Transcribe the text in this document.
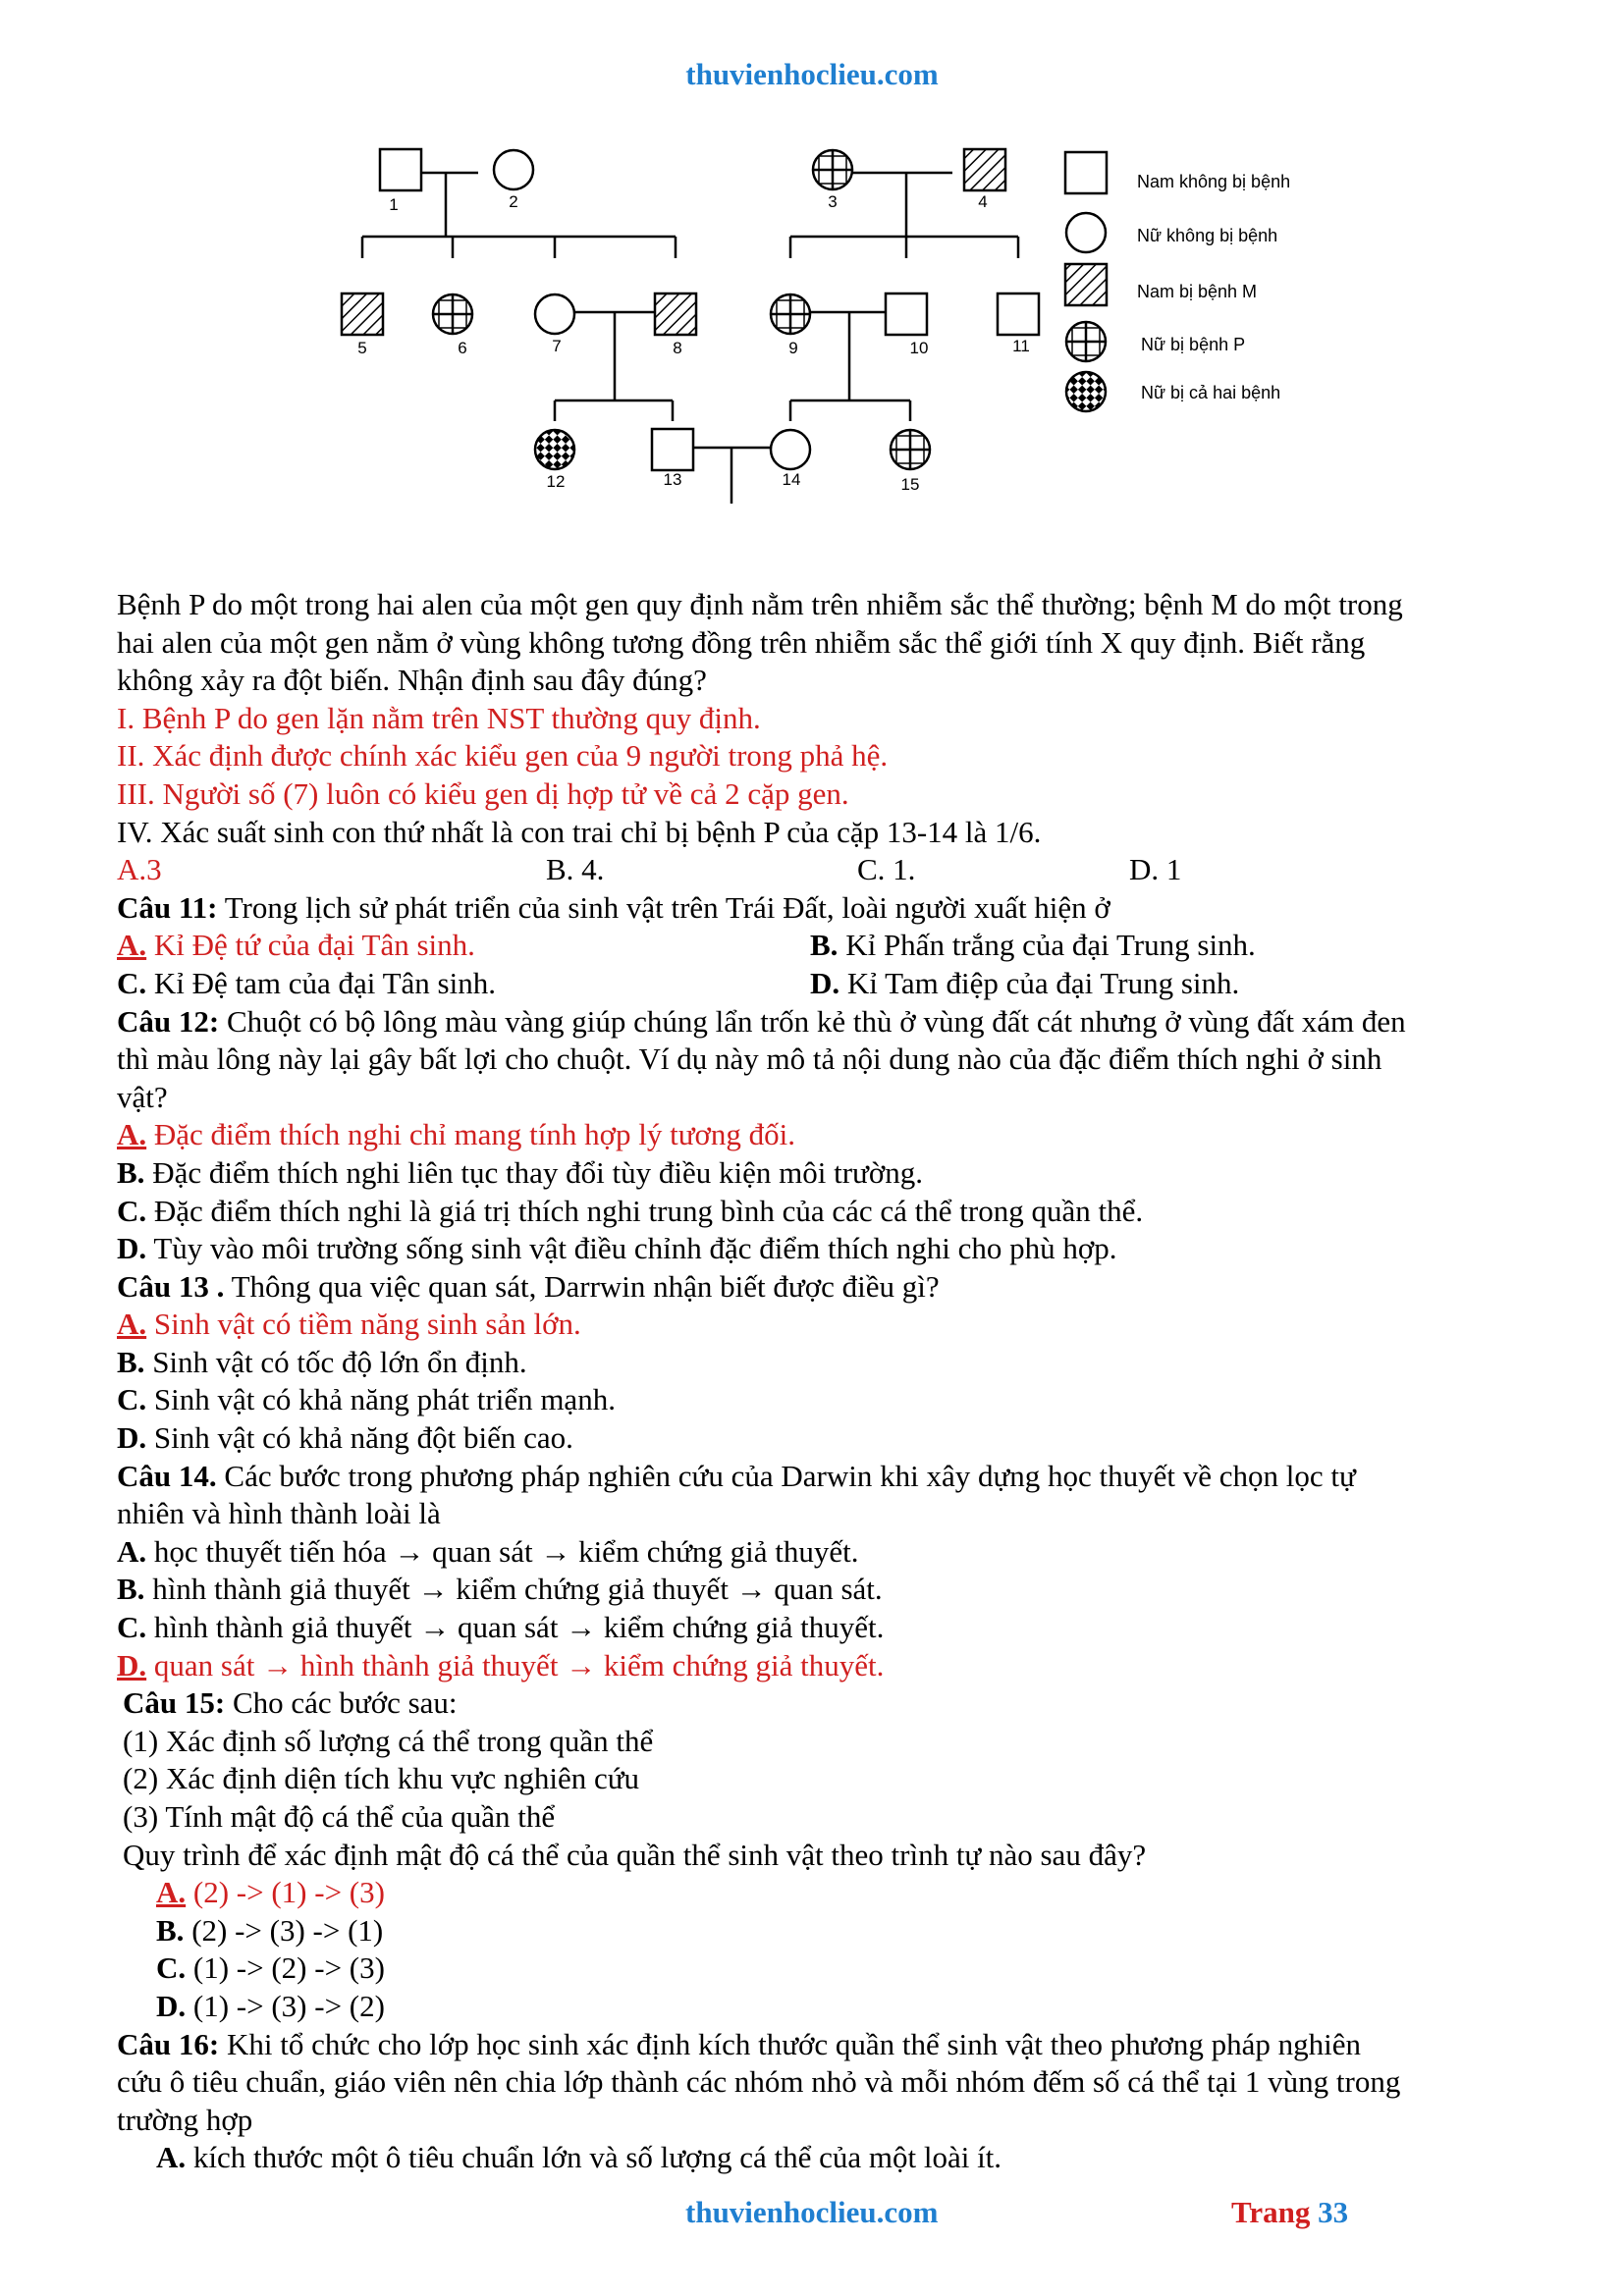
thuvienhoclieu.com
1	2	3	4
5	6	7	8	9	10	11
12	13	14	15
Nam không bị bệnh
Nữ không bị bệnh
Nam bị bệnh M
Nữ bị bệnh P
Nữ bị cả hai bệnh
Bệnh P do một trong hai alen của một gen quy định nằm trên nhiễm sắc thể thường; bệnh M do một trong
hai alen của một gen nằm ở vùng không tương đồng trên nhiễm sắc thể giới tính X quy định. Biết rằng
không xảy ra đột biến. Nhận định sau đây đúng?
I. Bệnh P do gen lặn nằm trên NST thường quy định.
II. Xác định được chính xác kiểu gen của 9 người trong phả hệ.
III. Người số (7) luôn có kiểu gen dị hợp tử về cả 2 cặp gen.
IV. Xác suất sinh con thứ nhất là con trai chỉ bị bệnh P của cặp 13-14 là 1/6.
A.3	B. 4.	C. 1.	D. 1
Câu 11: Trong lịch sử phát triển của sinh vật trên Trái Đất, loài người xuất hiện ở
A. Kỉ Đệ tứ của đại Tân sinh.	B. Kỉ Phấn trắng của đại Trung sinh.
C. Kỉ Đệ tam của đại Tân sinh.	D. Kỉ Tam điệp của đại Trung sinh.
Câu 12: Chuột có bộ lông màu vàng giúp chúng lẩn trốn kẻ thù ở vùng đất cát nhưng ở vùng đất xám đen
thì màu lông này lại gây bất lợi cho chuột. Ví dụ này mô tả nội dung nào của đặc điểm thích nghi ở sinh
vật?
A. Đặc điểm thích nghi chỉ mang tính hợp lý tương đối.
B. Đặc điểm thích nghi liên tục thay đổi tùy điều kiện môi trường.
C. Đặc điểm thích nghi là giá trị thích nghi trung bình của các cá thể trong quần thể.
D. Tùy vào môi trường sống sinh vật điều chỉnh đặc điểm thích nghi cho phù hợp.
Câu 13 . Thông qua việc quan sát, Darrwin nhận biết được điều gì?
A. Sinh vật có tiềm năng sinh sản lớn.
B. Sinh vật có tốc độ lớn ổn định.
C. Sinh vật có khả năng phát triển mạnh.
D. Sinh vật có khả năng đột biến cao.
Câu 14. Các bước trong phương pháp nghiên cứu của Darwin khi xây dựng học thuyết về chọn lọc tự
nhiên và hình thành loài là
A. học thuyết tiến hóa → quan sát → kiểm chứng giả thuyết.
B. hình thành giả thuyết → kiểm chứng giả thuyết → quan sát.
C. hình thành giả thuyết → quan sát → kiểm chứng giả thuyết.
D. quan sát → hình thành giả thuyết → kiểm chứng giả thuyết.
Câu 15: Cho các bước sau:
(1) Xác định số lượng cá thể trong quần thể
(2) Xác định diện tích khu vực nghiên cứu
(3) Tính mật độ cá thể của quần thể
Quy trình để xác định mật độ cá thể của quần thể sinh vật theo trình tự nào sau đây?
A. (2) -> (1) -> (3)
B. (2) -> (3) -> (1)
C. (1) -> (2) -> (3)
D. (1) -> (3) -> (2)
Câu 16: Khi tổ chức cho lớp học sinh xác định kích thước quần thể sinh vật theo phương pháp nghiên
cứu ô tiêu chuẩn, giáo viên nên chia lớp thành các nhóm nhỏ và mỗi nhóm đếm số cá thể tại 1 vùng trong
trường hợp
A. kích thước một ô tiêu chuẩn lớn và số lượng cá thể của một loài ít.
thuvienhoclieu.com	Trang 33
